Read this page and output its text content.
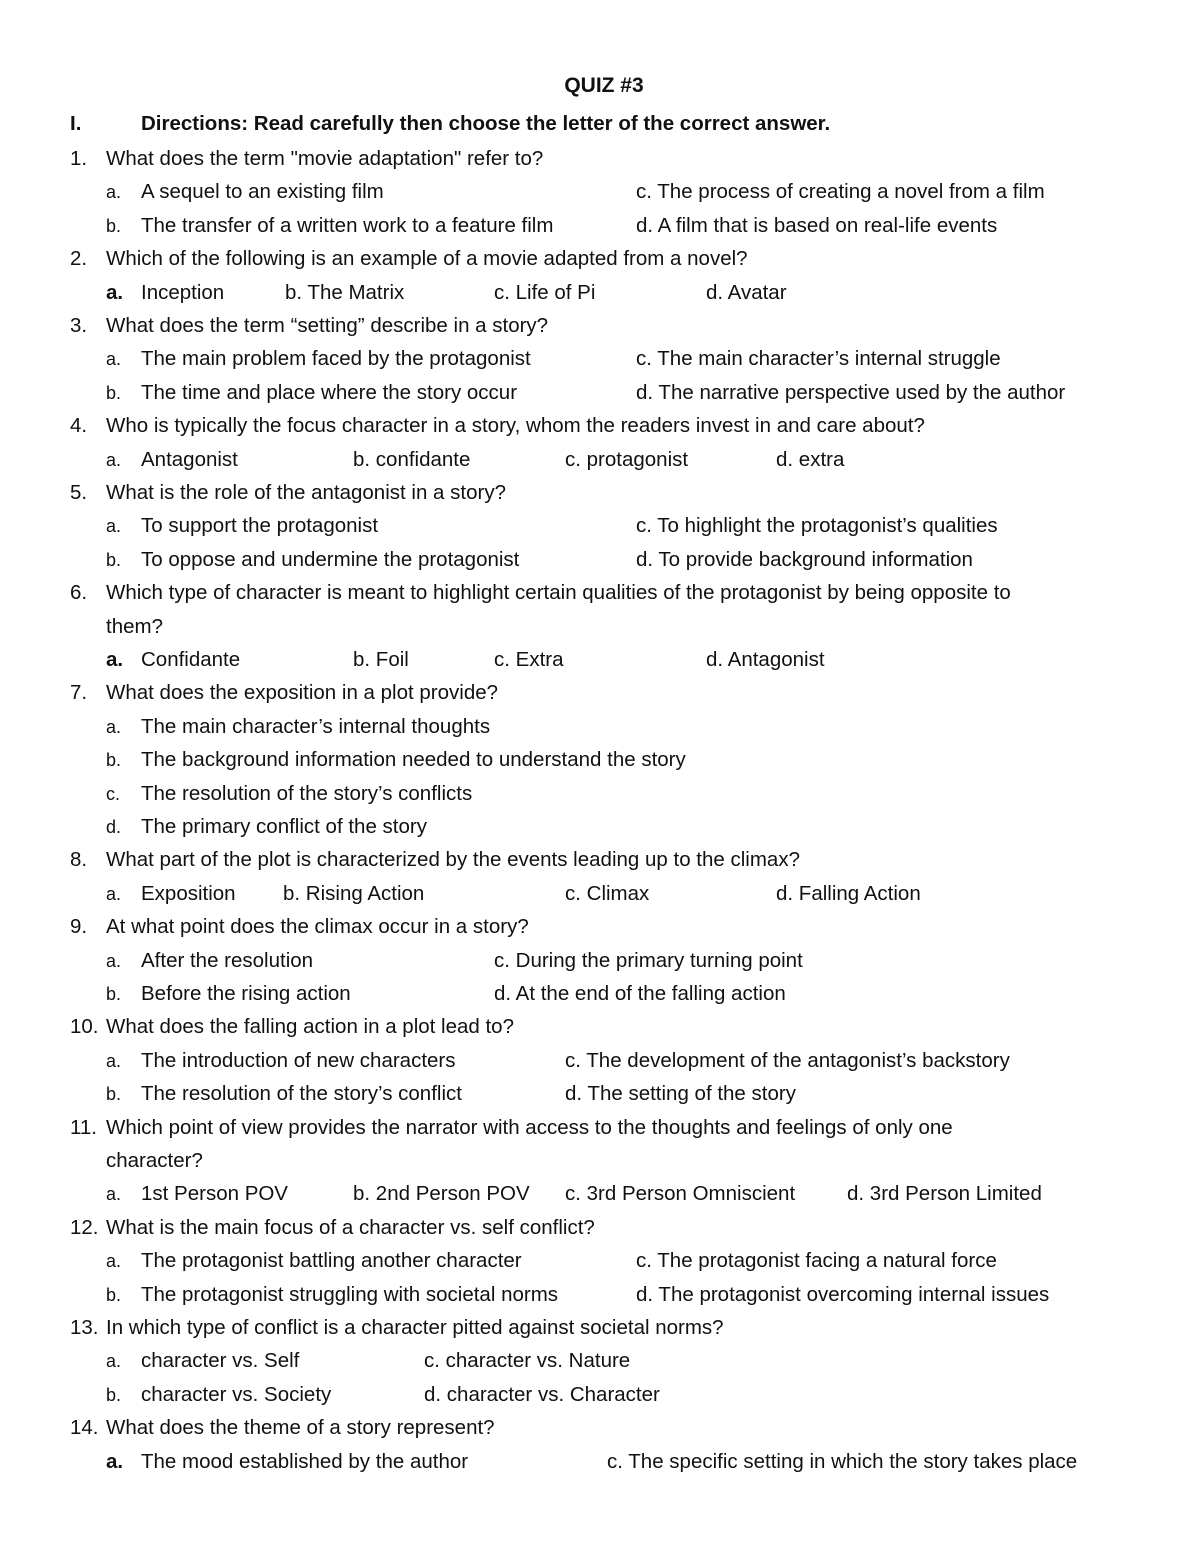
QUIZ #3
I.	Directions: Read carefully then choose the letter of the correct answer.
1. What does the term "movie adaptation" refer to?
a. A sequel to an existing film	c. The process of creating a novel from a film
b. The transfer of a written work to a feature film	d. A film that is based on real-life events
2. Which of the following is an example of a movie adapted from a novel?
a. Inception	b. The Matrix	c. Life of Pi	d. Avatar
3. What does the term “setting” describe in a story?
a. The main problem faced by the protagonist	c. The main character’s internal struggle
b. The time and place where the story occur	d. The narrative perspective used by the author
4. Who is typically the focus character in a story, whom the readers invest in and care about?
a. Antagonist	b. confidante	c. protagonist	d. extra
5. What is the role of the antagonist in a story?
a. To support the protagonist	c. To highlight the protagonist’s qualities
b. To oppose and undermine the protagonist	d. To provide background information
6. Which type of character is meant to highlight certain qualities of the protagonist by being opposite to
them?
a. Confidante	b. Foil	c. Extra	d. Antagonist
7. What does the exposition in a plot provide?
a. The main character’s internal thoughts
b. The background information needed to understand the story
c. The resolution of the story’s conflicts
d. The primary conflict of the story
8. What part of the plot is characterized by the events leading up to the climax?
a. Exposition b. Rising Action	c. Climax	d. Falling Action
9. At what point does the climax occur in a story?
a. After the resolution	c. During the primary turning point
b. Before the rising action	d. At the end of the falling action
10. What does the falling action in a plot lead to?
a. The introduction of new characters	c. The development of the antagonist’s backstory
b. The resolution of the story’s conflict	d. The setting of the story
11. Which point of view provides the narrator with access to the thoughts and feelings of only one
character?
a. 1st Person POV	b. 2nd Person POV c. 3rd Person Omniscient	d. 3rd Person Limited
12. What is the main focus of a character vs. self conflict?
a. The protagonist battling another character	c. The protagonist facing a natural force
b. The protagonist struggling with societal norms	d. The protagonist overcoming internal issues
13. In which type of conflict is a character pitted against societal norms?
a. character vs. Self	c. character vs. Nature
b. character vs. Society	d. character vs. Character
14. What does the theme of a story represent?
a. The mood established by the author	c. The specific setting in which the story takes place
